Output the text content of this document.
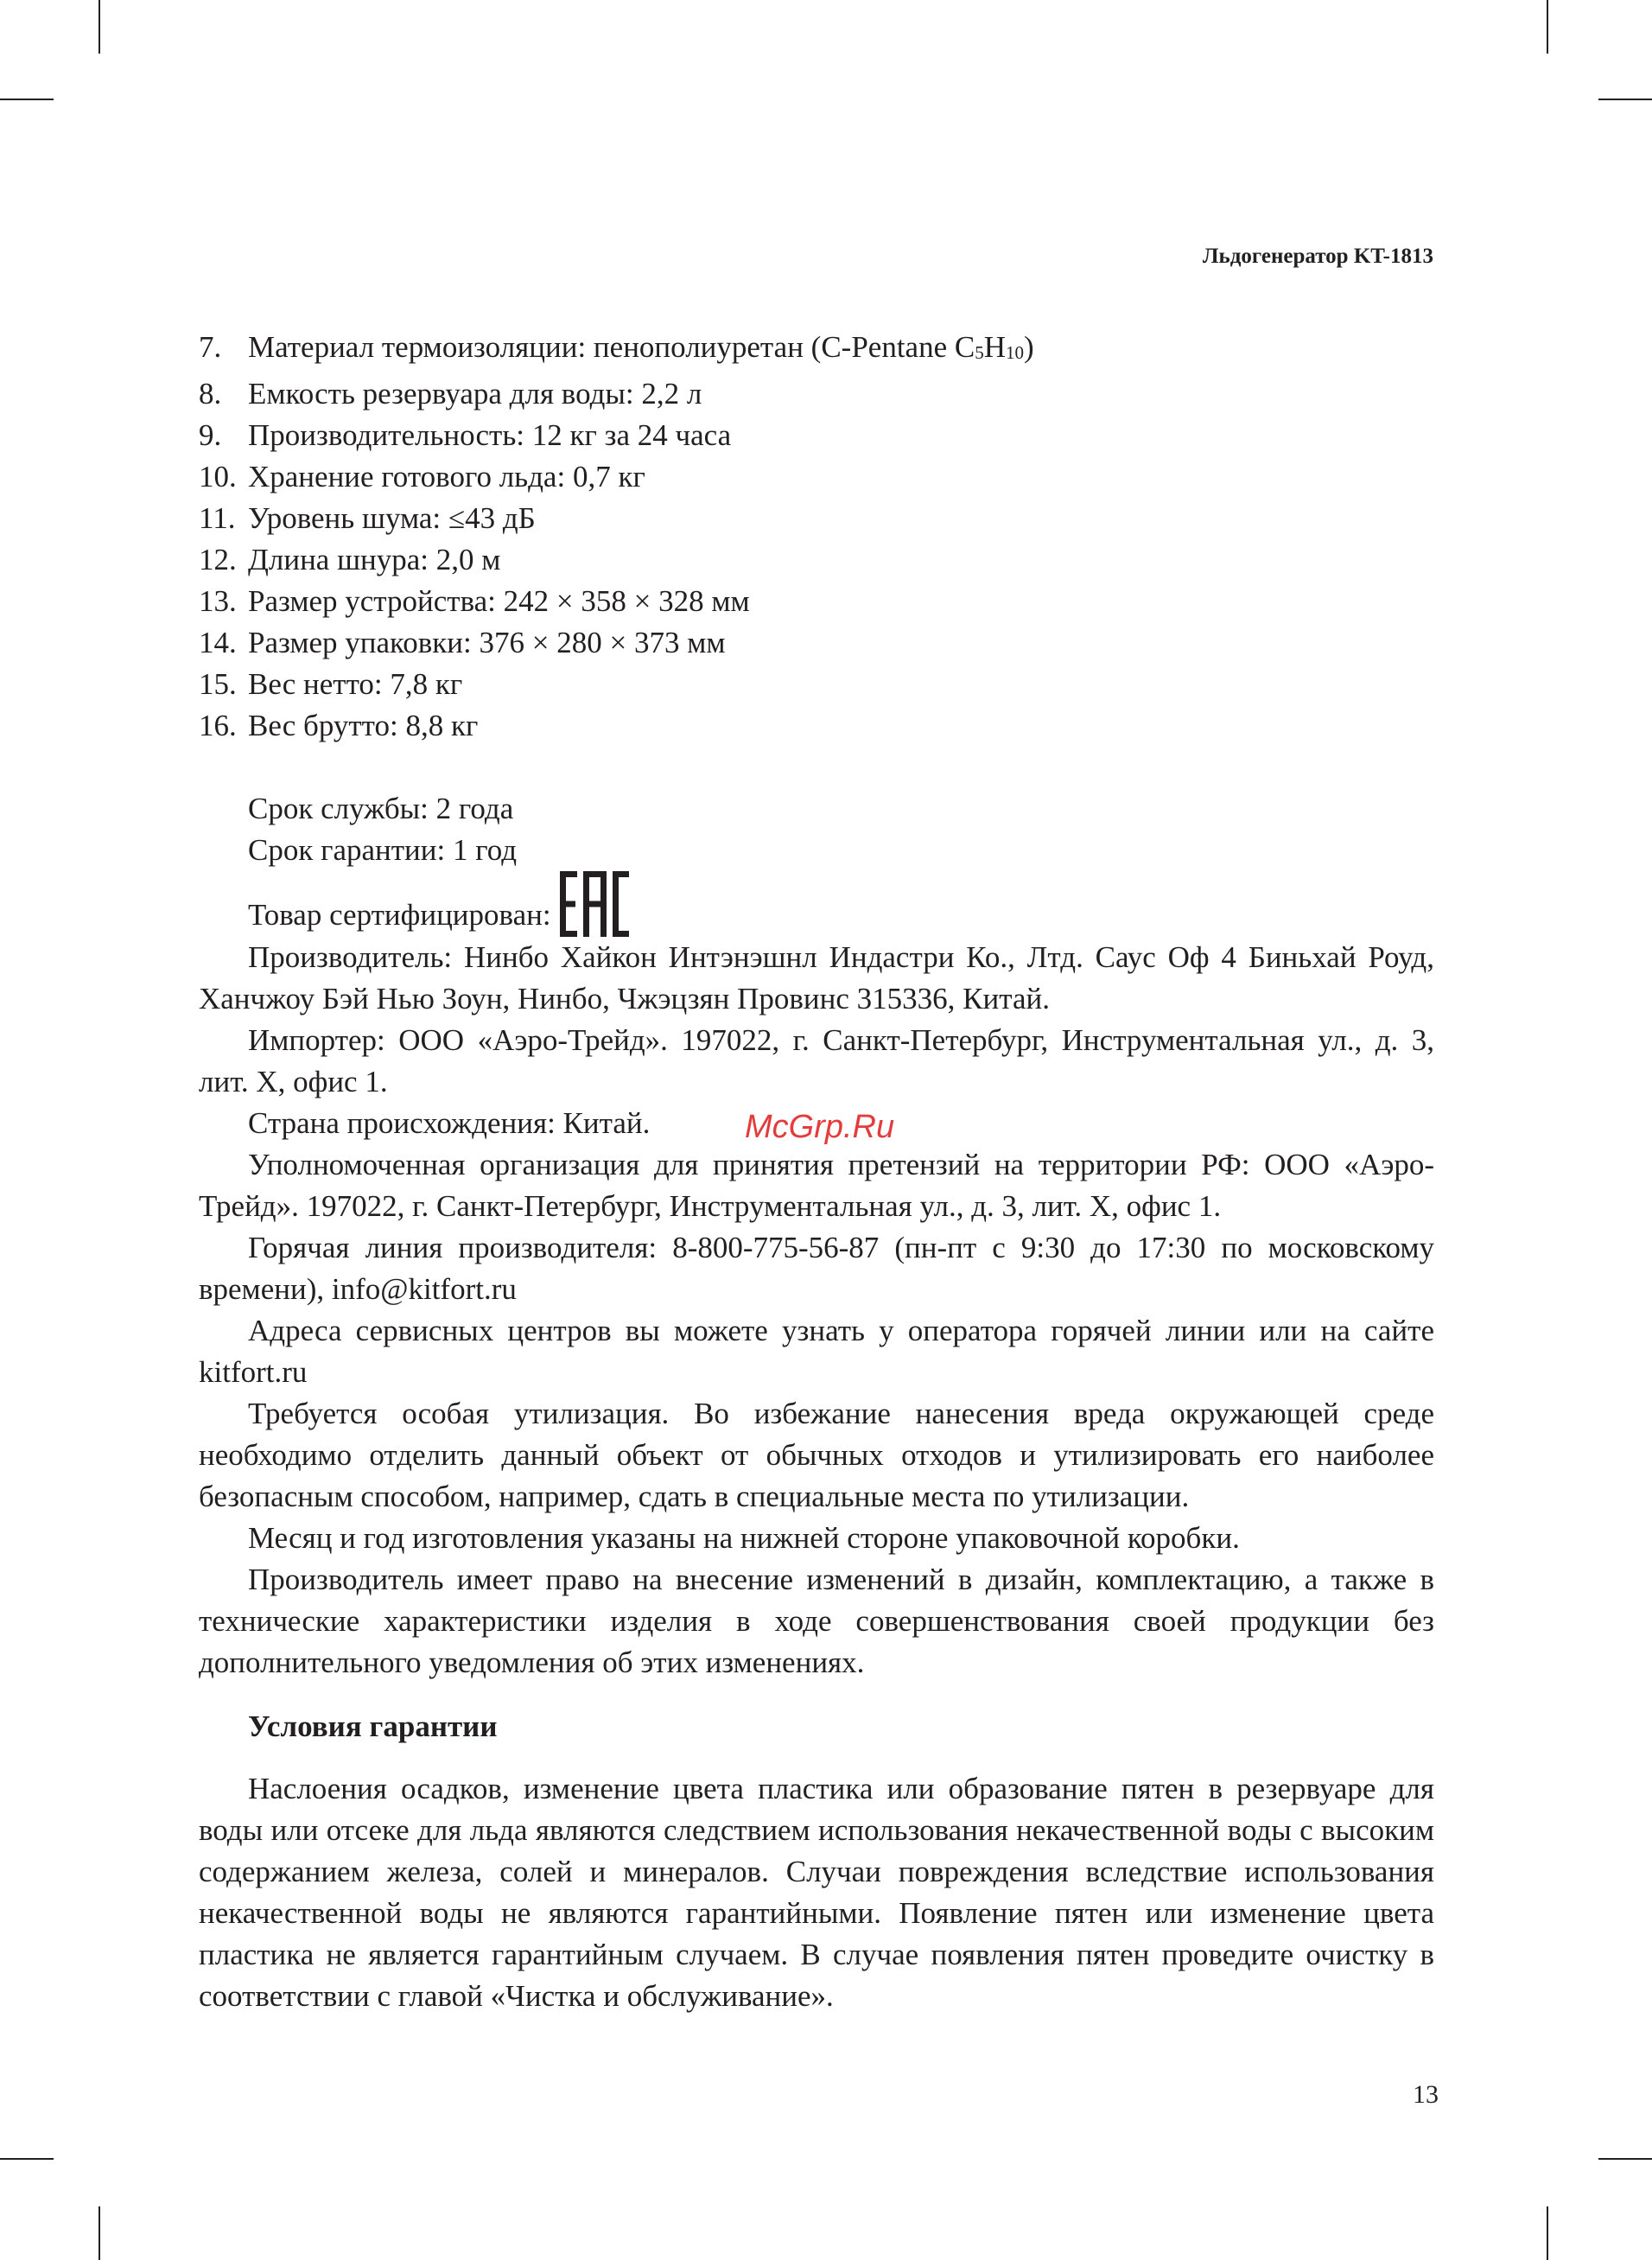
Льдогенератор KT-1813
7. Материал термоизоляции: пенополиуретан (C-Pentane $C_5H_{10}$)
8. Емкость резервуара для воды: 2,2 л
9. Производительность: 12 кг за 24 часа
10. Хранение готового льда: 0,7 кг
11. Уровень шума: ≤43 дБ
12. Длина шнура: 2,0 м
13. Размер устройства: 242 × 358 × 328 мм
14. Размер упаковки: 376 × 280 × 373 мм
15. Вес нетто: 7,8 кг
16. Вес брутто: 8,8 кг

Срок службы: 2 года

Срок гарантии: 1 год

Товар сертифицирован:

Производитель: Нинбо Хайкон Интэнэшнл Индастри Ко., Лтд. Саус Оф 4 Биньхай Роуд, Ханчжоу Бэй Нью Зоун, Нинбо, Чжэцзян Провинс 315336, Китай.

Импортер: ООО «Аэро-Трейд». 197022, г. Санкт-Петербург, Инструментальная ул., д. 3, лит. Х, офис 1.

Страна происхождения: Китай.

Уполномоченная организация для принятия претензий на территории РФ: ООО «Аэро-Трейд». 197022, г. Санкт-Петербург, Инструментальная ул., д. 3, лит. Х, офис 1.

Горячая линия производителя: 8-800-775-56-87 (пн-пт с 9:30 до 17:30 по московскому времени), info@kitfort.ru

Адреса сервисных центров вы можете узнать у оператора горячей линии или на сайте kitfort.ru

Требуется особая утилизация. Во избежание нанесения вреда окружающей среде необходимо отделить данный объект от обычных отходов и утилизировать его наиболее безопасным способом, например, сдать в специальные места по утилизации.

Месяц и год изготовления указаны на нижней стороне упаковочной коробки.

Производитель имеет право на внесение изменений в дизайн, комплектацию, а также в технические характеристики изделия в ходе совершенствования своей продукции без дополнительного уведомления об этих изменениях.

Условия гарантии

Наслоения осадков, изменение цвета пластика или образование пятен в резервуаре для воды или отсеке для льда являются следствием использования некачественной воды с высоким содержанием железа, солей и минералов. Случаи повреждения вследствие использования некачественной воды не являются гарантийными. Появление пятен или изменение цвета пластика не является гарантийным случаем. В случае появления пятен проведите очистку в соответствии с главой «Чистка и обслуживание».

McGrp.Ru
13
